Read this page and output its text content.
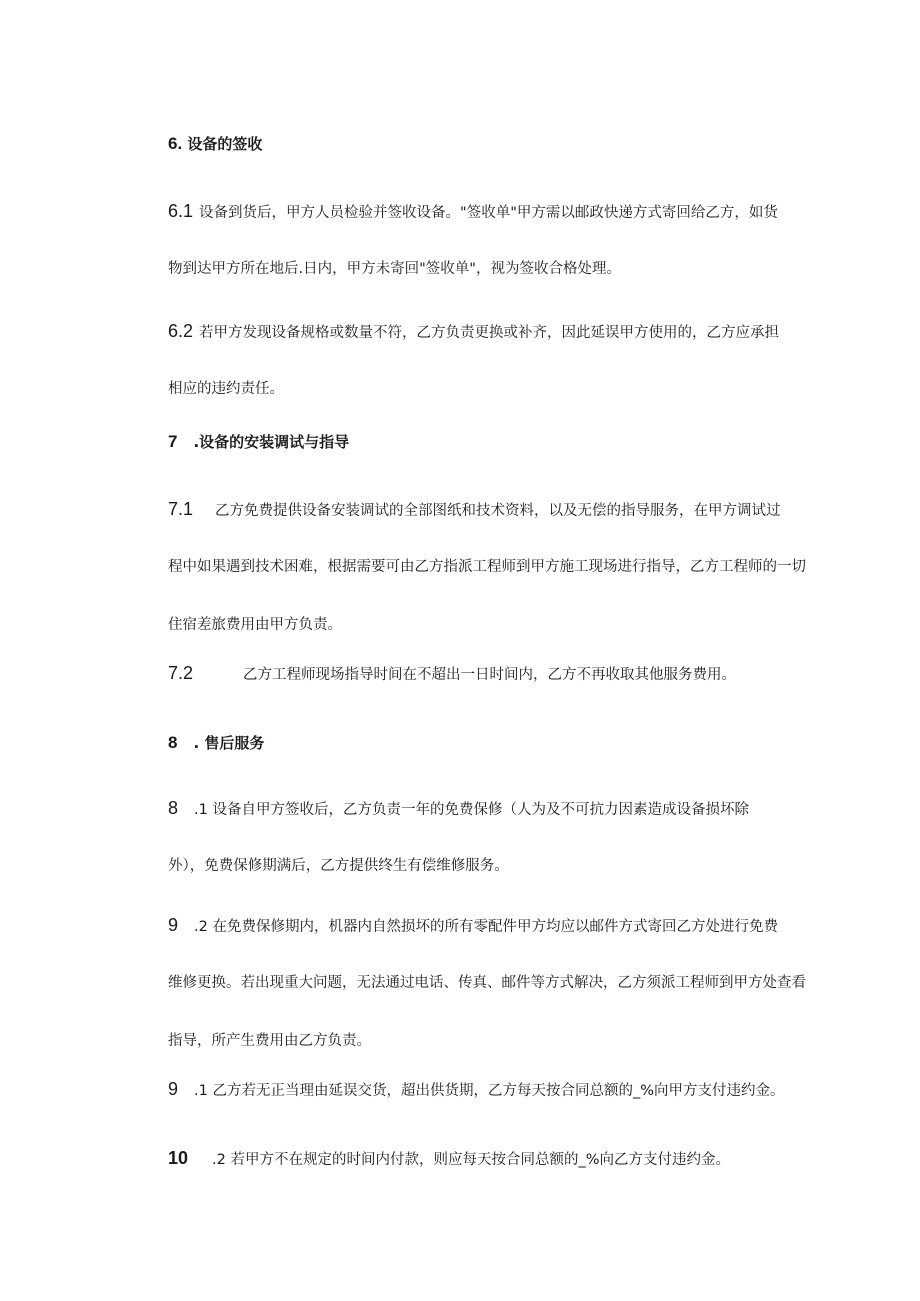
6. 设备的签收

6.1 设备到货后，甲方人员检验并签收设备。"签收单"甲方需以邮政快递方式寄回给乙方，如货

物到达甲方所在地后.日内，甲方未寄回"签收单"，视为签收合格处理。

6.2 若甲方发现设备规格或数量不符，乙方负责更换或补齐，因此延误甲方使用的，乙方应承担

相应的违约责任。

7 .设备的安装调试与指导

7.1 乙方免费提供设备安装调试的全部图纸和技术资料，以及无偿的指导服务，在甲方调试过

程中如果遇到技术困难，根据需要可由乙方指派工程师到甲方施工现场进行指导，乙方工程师的一切

住宿差旅费用由甲方负责。

7.2	乙方工程师现场指导时间在不超出一日时间内，乙方不再收取其他服务费用。

8 . 售后服务

8 .1 设备自甲方签收后，乙方负责一年的免费保修（人为及不可抗力因素造成设备损坏除

外），免费保修期满后，乙方提供终生有偿维修服务。

9 .2 在免费保修期内，机器内自然损坏的所有零配件甲方均应以邮件方式寄回乙方处进行免费

维修更换。若出现重大问题，无法通过电话、传真、邮件等方式解决，乙方须派工程师到甲方处查看

指导，所产生费用由乙方负责。

9 .1 乙方若无正当理由延误交货，超出供货期，乙方每天按合同总额的_%向甲方支付违约金。

10 .2 若甲方不在规定的时间内付款，则应每天按合同总额的_%向乙方支付违约金。
